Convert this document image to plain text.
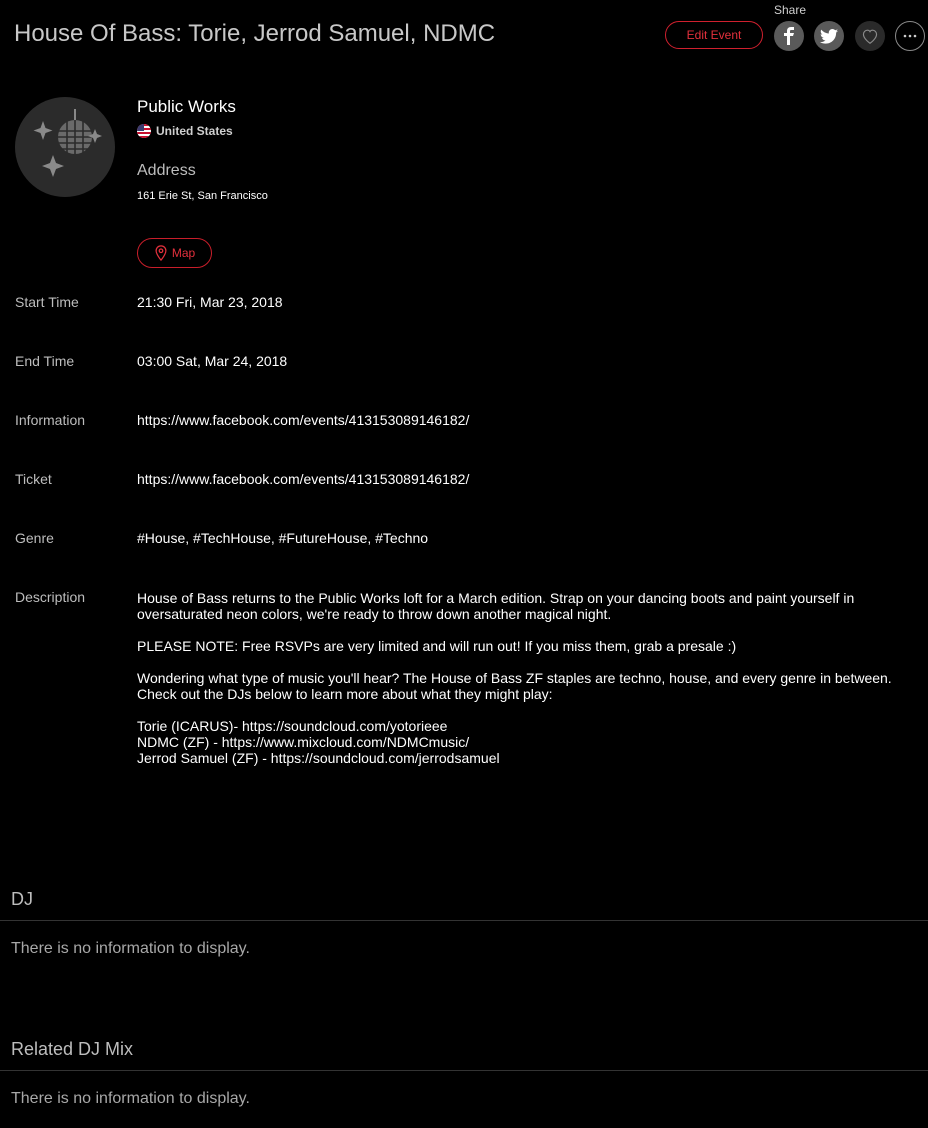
House Of Bass: Torie, Jerrod Samuel, NDMC
Share
Edit Event
Public Works
United States
Address
161 Erie St, San Francisco
Map
Start Time	21:30 Fri, Mar 23, 2018
End Time	03:00 Sat, Mar 24, 2018
Information	https://www.facebook.com/events/413153089146182/
Ticket	https://www.facebook.com/events/413153089146182/
Genre	#House, #TechHouse, #FutureHouse, #Techno
Description	House of Bass returns to the Public Works loft for a March edition. Strap on your dancing boots and paint yourself in oversaturated neon colors, we're ready to throw down another magical night.

PLEASE NOTE: Free RSVPs are very limited and will run out! If you miss them, grab a presale :)

Wondering what type of music you'll hear? The House of Bass ZF staples are techno, house, and every genre in between. Check out the DJs below to learn more about what they might play:

Torie (ICARUS)- https://soundcloud.com/yotorieee
NDMC (ZF) - https://www.mixcloud.com/NDMCmusic/
Jerrod Samuel (ZF) - https://soundcloud.com/jerrodsamuel

DJ
There is no information to display.
Related DJ Mix
There is no information to display.
